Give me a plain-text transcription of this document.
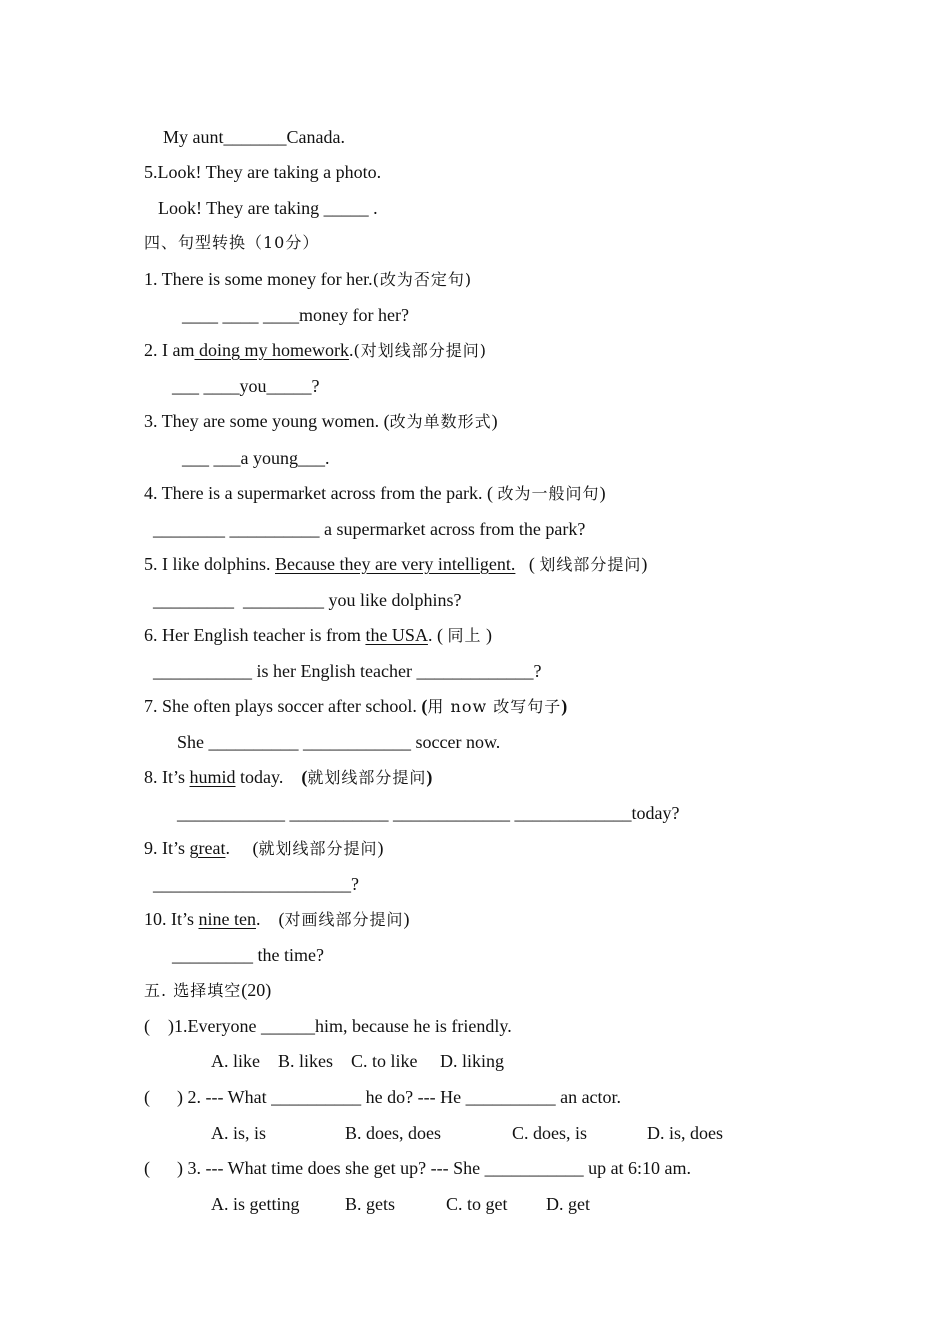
My aunt_______Canada.
5.Look! They are taking a photo.
Look! They are taking _____ .
四、句型转换（10分）
1. There is some money for her.(改为否定句)
____ ____ ____money for her?
2. I am doing my homework.(对划线部分提问)
___ ____you_____?
3. They are some young women. (改为单数形式)
___ ___a young___.
4. There is a supermarket across from the park. ( 改为一般问句)
________ __________ a supermarket across from the park?
5. I like dolphins. Because they are very intelligent.   ( 划线部分提问)
_________  _________ you like dolphins?
6. Her English teacher is from the USA. ( 同上 )
___________ is her English teacher _____________?
7. She often plays soccer after school. (用 now 改写句子)
She __________ ____________ soccer now.
8. It’s humid today.    (就划线部分提问)
____________ ___________ _____________ _____________today?
9. It’s great.     (就划线部分提问)
______________________?
10. It’s nine ten.    (对画线部分提问)
_________ the time?
五. 选择填空(20)
(    )1.Everyone ______him, because he is friendly.
A. like    B. likes    C. to like     D. liking
(      ) 2. --- What __________ he do? --- He __________ an actor.
A. is, is	B. does, does	C. does, is	D. is, does
(      ) 3. --- What time does she get up? --- She ___________ up at 6:10 am.
A. is getting	B. gets	C. to get D. get
